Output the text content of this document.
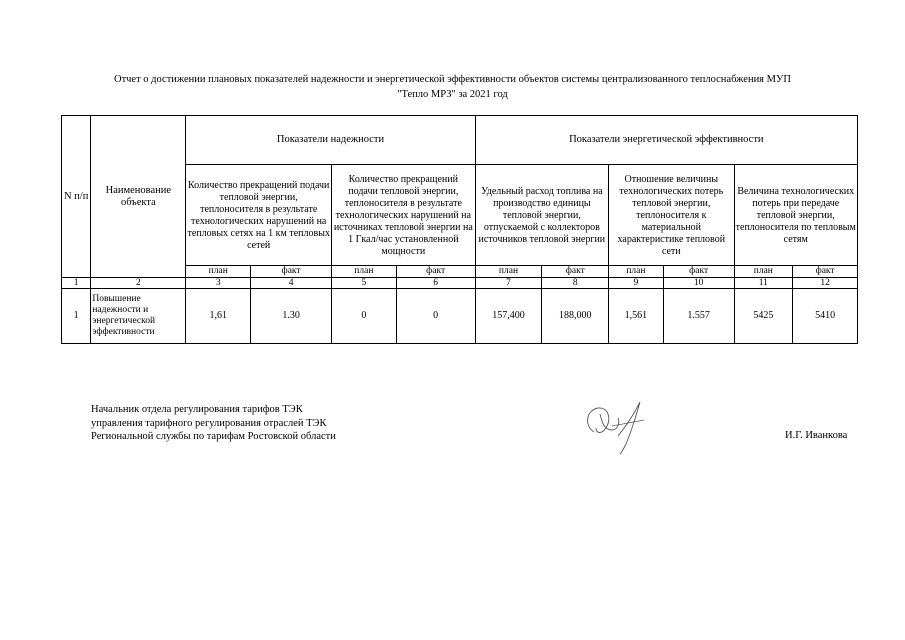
Отчет о достижении плановых показателей надежности и энергетической эффективности объектов системы централизованного теплоснабжения МУП
"Тепло МРЗ" за 2021 год
N п/п	Наименование объекта	Показатели надежности				Показатели энергетической эффективности					
		Количество прекращений подачи тепловой энергии, теплоносителя в результате технологических нарушений на тепловых сетях на 1 км тепловых сетей		Количество прекращений подачи тепловой энергии, теплоносителя в результате технологических нарушений на источниках тепловой энергии на 1 Гкал/час установленной мощности		Удельный расход топлива на производство единицы тепловой энергии, отпускаемой с коллекторов источников тепловой энергии		Отношение величины технологических потерь тепловой энергии, теплоносителя к материальной характеристике тепловой сети		Величина технологических потерь при передаче тепловой энергии, теплоносителя по тепловым сетям	
		план	факт	план	факт	план	факт	план	факт	план	факт
1	2	3	4	5	6	7	8	9	10	11	12
1	Повышение надежности и энергетической эффективности	1,61	1.30	0	0	157,400	188,000	1,561	1.557	5425	5410
Начальник отдела регулирования тарифов ТЭК
управления тарифного регулирования отраслей ТЭК
Региональной службы по тарифам Ростовской области	И.Г. Иванкова
